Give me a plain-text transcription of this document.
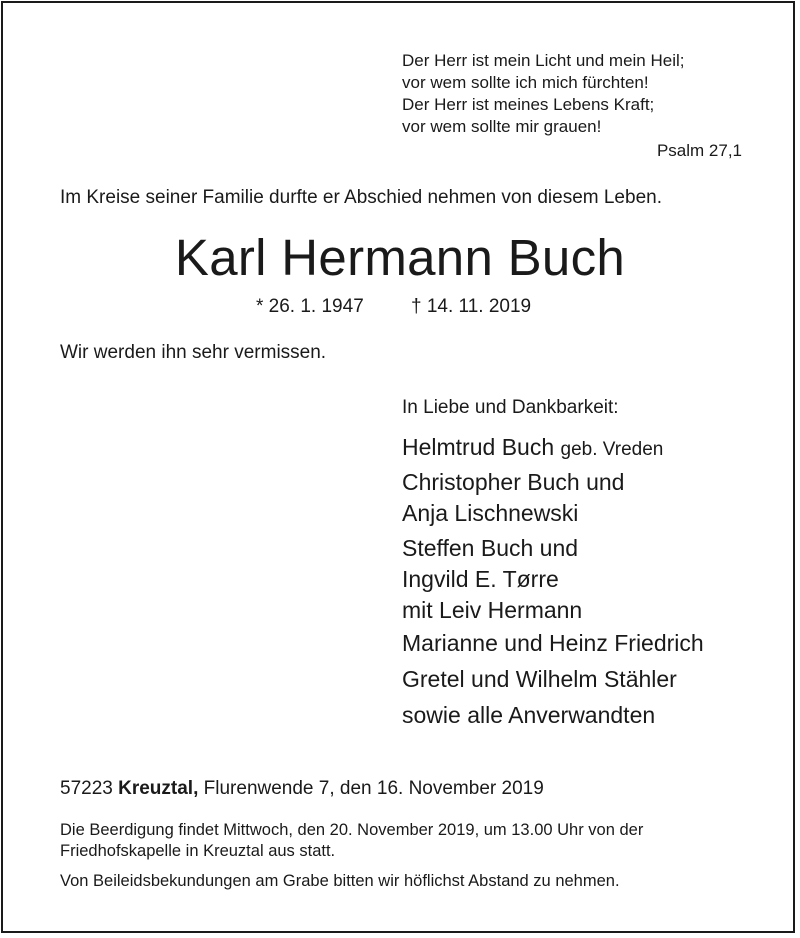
Der Herr ist mein Licht und mein Heil;
vor wem sollte ich mich fürchten!
Der Herr ist meines Lebens Kraft;
vor wem sollte mir grauen!
Psalm 27,1
Im Kreise seiner Familie durfte er Abschied nehmen von diesem Leben.
Karl Hermann Buch
* 26. 1. 1947 † 14. 11. 2019
Wir werden ihn sehr vermissen.
In Liebe und Dankbarkeit:
Helmtrud Buch geb. Vreden
Christopher Buch und
Anja Lischnewski
Steffen Buch und
Ingvild E. Tørre
mit Leiv Hermann
Marianne und Heinz Friedrich
Gretel und Wilhelm Stähler
sowie alle Anverwandten
57223 Kreuztal, Flurenwende 7, den 16. November 2019
Die Beerdigung findet Mittwoch, den 20. November 2019, um 13.00 Uhr von der
Friedhofskapelle in Kreuztal aus statt.
Von Beileidsbekundungen am Grabe bitten wir höflichst Abstand zu nehmen.
